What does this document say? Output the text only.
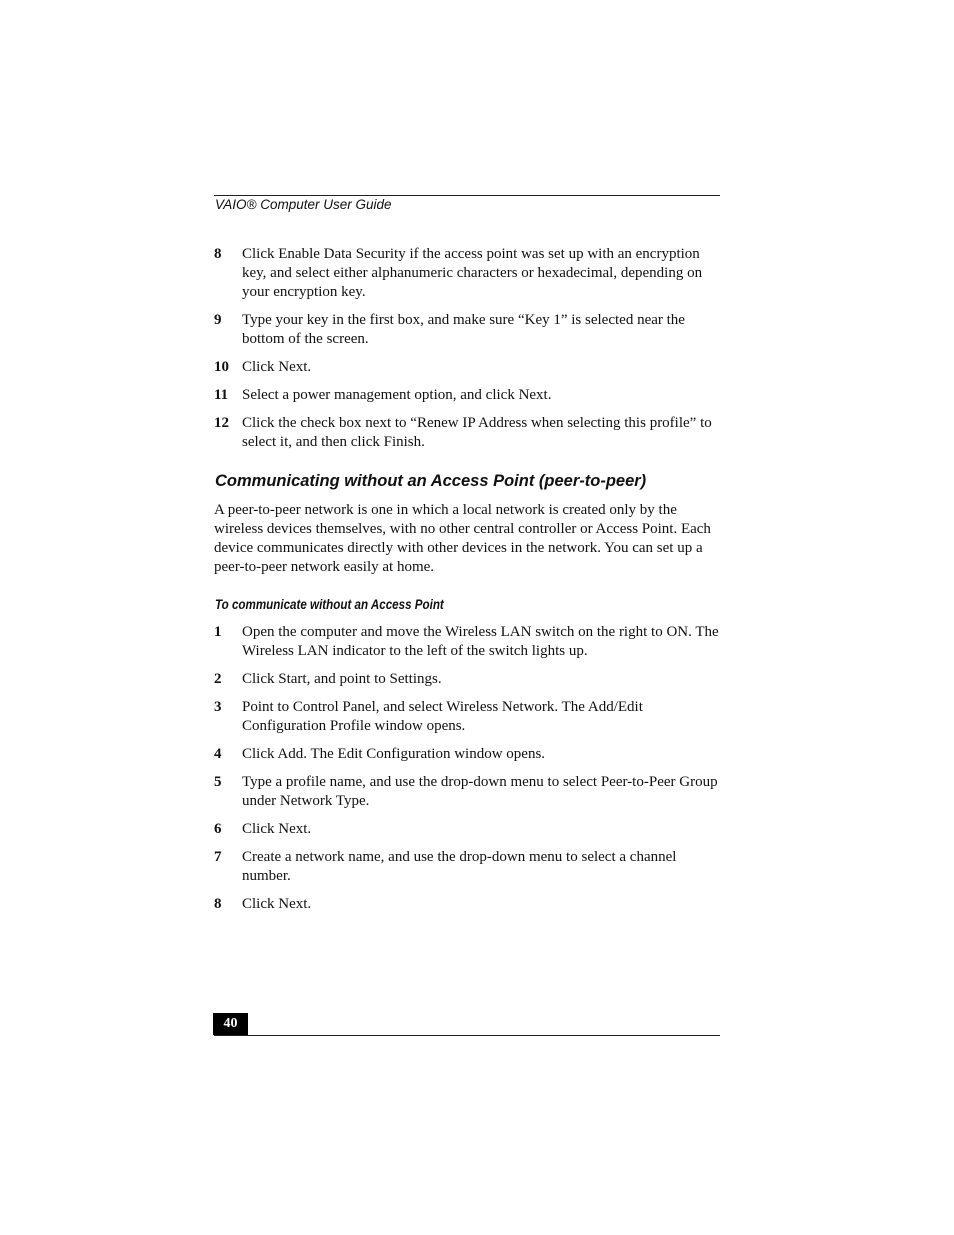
VAIO® Computer User Guide
8 Click Enable Data Security if the access point was set up with an encryption key, and select either alphanumeric characters or hexadecimal, depending on your encryption key.
9 Type your key in the first box, and make sure “Key 1” is selected near the bottom of the screen.
10 Click Next.
11 Select a power management option, and click Next.
12 Click the check box next to “Renew IP Address when selecting this profile” to select it, and then click Finish.
Communicating without an Access Point (peer-to-peer)

A peer-to-peer network is one in which a local network is created only by the wireless devices themselves, with no other central controller or Access Point. Each device communicates directly with other devices in the network. You can set up a peer-to-peer network easily at home.

To communicate without an Access Point
1 Open the computer and move the Wireless LAN switch on the right to ON. The Wireless LAN indicator to the left of the switch lights up.
2 Click Start, and point to Settings.
3 Point to Control Panel, and select Wireless Network. The Add/Edit Configuration Profile window opens.
4 Click Add. The Edit Configuration window opens.
5 Type a profile name, and use the drop-down menu to select Peer-to-Peer Group under Network Type.
6 Click Next.
7 Create a network name, and use the drop-down menu to select a channel number.
8 Click Next.
40
